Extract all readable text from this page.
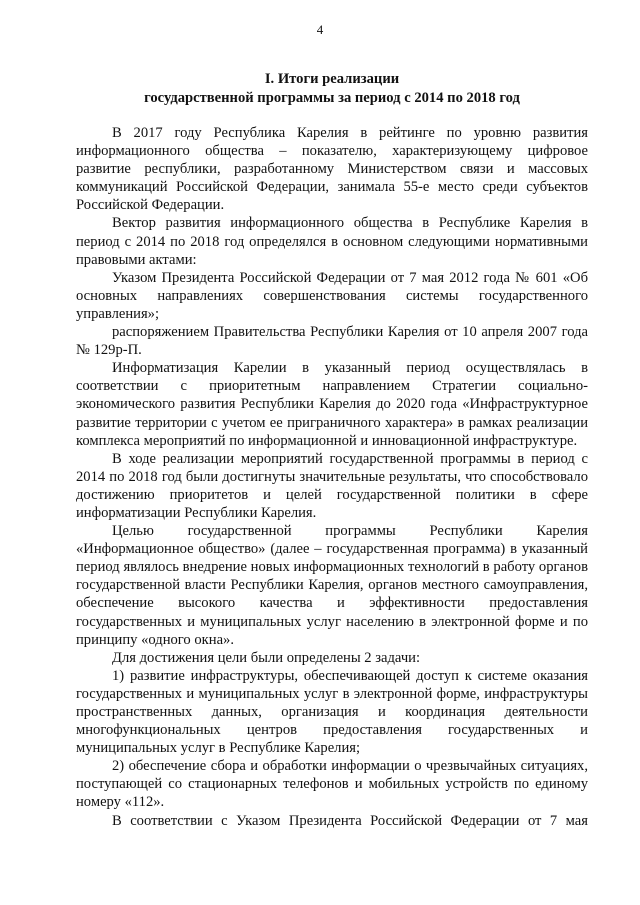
4
I. Итоги реализации
государственной программы за период с 2014 по 2018 год

В 2017 году Республика Карелия в рейтинге по уровню развития информационного общества – показателю, характеризующему цифровое развитие республики, разработанному Министерством связи и массовых коммуникаций Российской Федерации, занимала 55-е место среди субъектов Российской Федерации.

Вектор развития информационного общества в Республике Карелия в период с 2014 по 2018 год определялся в основном следующими нормативными правовыми актами:

Указом Президента Российской Федерации от 7 мая 2012 года № 601 «Об основных направлениях совершенствования системы государственного управления»;

распоряжением Правительства Республики Карелия от 10 апреля 2007 года № 129р-П.

Информатизация Карелии в указанный период осуществлялась в соответствии с приоритетным направлением Стратегии социально-экономического развития Республики Карелия до 2020 года «Инфраструктурное развитие территории с учетом ее приграничного характера» в рамках реализации комплекса мероприятий по информационной и инновационной инфраструктуре.

В ходе реализации мероприятий государственной программы в период с 2014 по 2018 год были достигнуты значительные результаты, что способствовало достижению приоритетов и целей государственной политики в сфере информатизации Республики Карелия.

Целью государственной программы Республики Карелия «Информационное общество» (далее – государственная программа) в указанный период являлось внедрение новых информационных технологий в работу органов государственной власти Республики Карелия, органов местного самоуправления, обеспечение высокого качества и эффективности предоставления государственных и муниципальных услуг населению в электронной форме и по принципу «одного окна».

Для достижения цели были определены 2 задачи:

1) развитие инфраструктуры, обеспечивающей доступ к системе оказания государственных и муниципальных услуг в электронной форме, инфраструктуры пространственных данных, организация и координация деятельности многофункциональных центров предоставления государственных и муниципальных услуг в Республике Карелия;

2) обеспечение сбора и обработки информации о чрезвычайных ситуациях, поступающей со стационарных телефонов и мобильных устройств по единому номеру «112».

В соответствии с Указом Президента Российской Федерации от 7 мая
